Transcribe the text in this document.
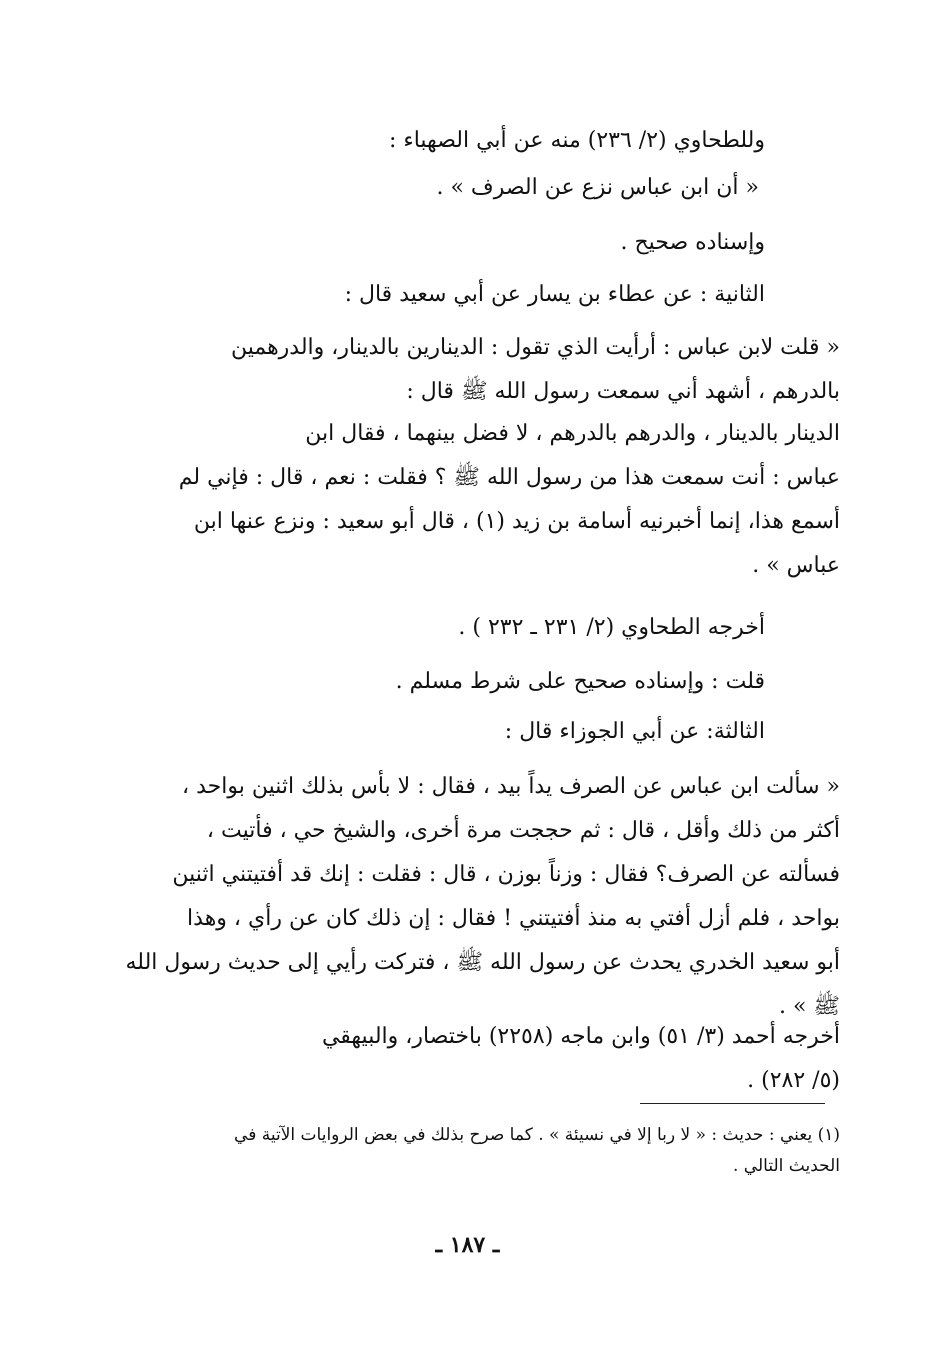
وللطحاوي (٢/ ٢٣٦) منه عن أبي الصهباء :
« أن ابن عباس نزع عن الصرف » .
وإسناده صحيح .
الثانية : عن عطاء بن يسار عن أبي سعيد قال :
« قلت لابن عباس : أرأيت الذي تقول : الدينارين بالدينار، والدرهمين
بالدرهم ، أشهد أني سمعت رسول الله ﷺ قال :
الدينار بالدينار ، والدرهم بالدرهم ، لا فضل بينهما ، فقال ابن
عباس : أنت سمعت هذا من رسول الله ﷺ ؟ فقلت : نعم ، قال : فإني لم
أسمع هذا، إنما أخبرنيه أسامة بن زيد (١) ، قال أبو سعيد : ونزع عنها ابن
عباس » .
أخرجه الطحاوي (٢/ ٢٣١ ـ ٢٣٢ ) .
قلت : وإسناده صحيح على شرط مسلم .
الثالثة: عن أبي الجوزاء قال :
« سألت ابن عباس عن الصرف يداً بيد ، فقال : لا بأس بذلك اثنين بواحد ،
أكثر من ذلك وأقل ، قال : ثم حججت مرة أخرى، والشيخ حي ، فأتيت ،
فسألته عن الصرف؟ فقال : وزناً بوزن ، قال : فقلت : إنك قد أفتيتني اثنين
بواحد ، فلم أزل أفتي به منذ أفتيتني ! فقال : إن ذلك كان عن رأي ، وهذا
أبو سعيد الخدري يحدث عن رسول الله ﷺ ، فتركت رأيي إلى حديث رسول الله
ﷺ » .
أخرجه أحمد (٣/ ٥١) وابن ماجه (٢٢٥٨) باختصار، والبيهقي
(٥/ ٢٨٢) .
(١) يعني : حديث : « لا ربا إلا في نسيئة » . كما صرح بذلك في بعض الروايات الآتية في
الحديث التالي .
ـ ١٨٧ ـ
